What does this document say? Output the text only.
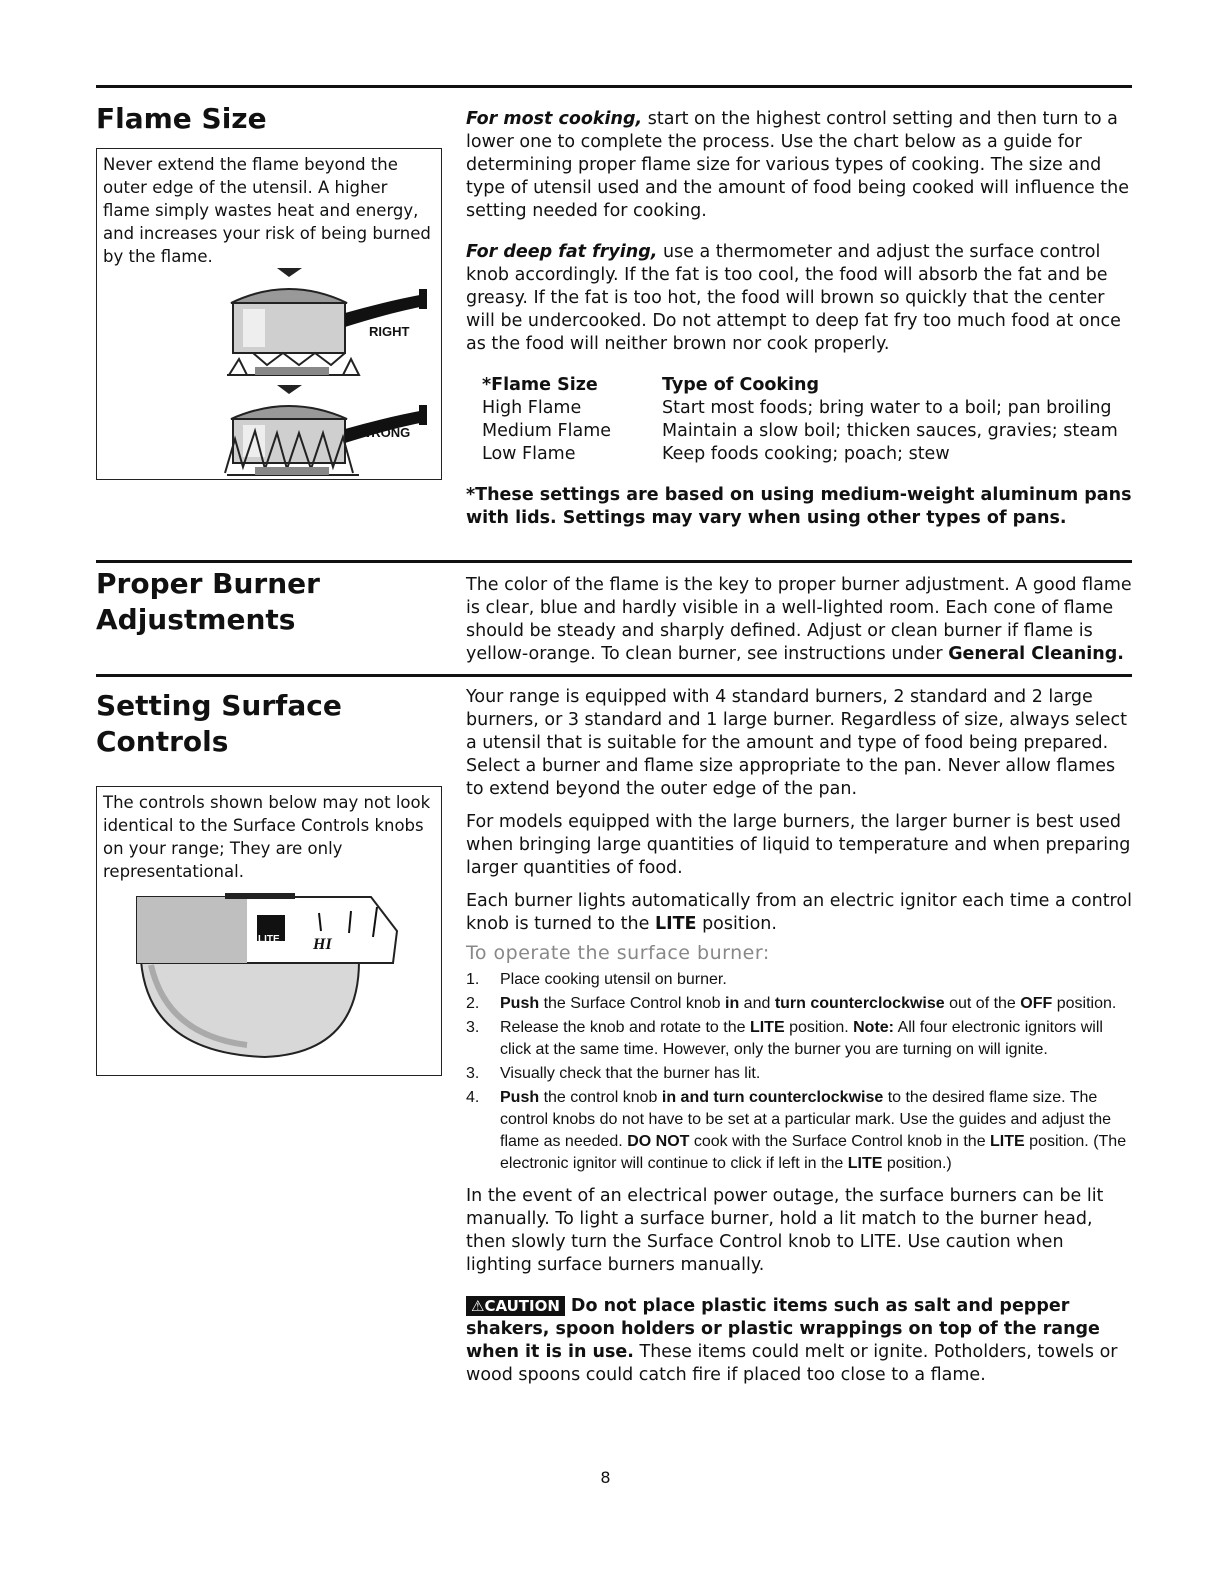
Flame Size

Never extend the flame beyond the outer edge of the utensil. A higher flame simply wastes heat and energy, and increases your risk of being burned by the flame.

RIGHT
WRONG

For most cooking, start on the highest control setting and then turn to a lower one to complete the process. Use the chart below as a guide for determining proper flame size for various types of cooking. The size and type of utensil used and the amount of food being cooked will influence the setting needed for cooking.

For deep fat frying, use a thermometer and adjust the surface control knob accordingly. If the fat is too cool, the food will absorb the fat and be greasy. If the fat is too hot, the food will brown so quickly that the center will be undercooked. Do not attempt to deep fat fry too much food at once as the food will neither brown nor cook properly.

*Flame Size	Type of Cooking
High Flame	Start most foods; bring water to a boil; pan broiling
Medium Flame	Maintain a slow boil; thicken sauces, gravies; steam
Low Flame	Keep foods cooking; poach; stew

*These settings are based on using medium-weight aluminum pans with lids. Settings may vary when using other types of pans.

Proper Burner
Adjustments

The color of the flame is the key to proper burner adjustment. A good flame is clear, blue and hardly visible in a well-lighted room. Each cone of flame should be steady and sharply defined. Adjust or clean burner if flame is yellow-orange. To clean burner, see instructions under General Cleaning.

Setting Surface
Controls

The controls shown below may not look identical to the Surface Controls knobs on your range; They are only representational.

LITE HI

Your range is equipped with 4 standard burners, 2 standard and 2 large burners, or 3 standard and 1 large burner. Regardless of size, always select a utensil that is suitable for the amount and type of food being prepared. Select a burner and flame size appropriate to the pan. Never allow flames to extend beyond the outer edge of the pan.

For models equipped with the large burners, the larger burner is best used when bringing large quantities of liquid to temperature and when preparing larger quantities of food.

Each burner lights automatically from an electric ignitor each time a control knob is turned to the LITE position.

To operate the surface burner:

1. Place cooking utensil on burner.
2. Push the Surface Control knob in and turn counterclockwise out of the OFF position.
3. Release the knob and rotate to the LITE position. Note: All four electronic ignitors will click at the same time. However, only the burner you are turning on will ignite.
3. Visually check that the burner has lit.
4. Push the control knob in and turn counterclockwise to the desired flame size. The control knobs do not have to be set at a particular mark. Use the guides and adjust the flame as needed. DO NOT cook with the Surface Control knob in the LITE position. (The electronic ignitor will continue to click if left in the LITE position.)

In the event of an electrical power outage, the surface burners can be lit manually. To light a surface burner, hold a lit match to the burner head, then slowly turn the Surface Control knob to LITE. Use caution when lighting surface burners manually.

⚠CAUTION Do not place plastic items such as salt and pepper shakers, spoon holders or plastic wrappings on top of the range when it is in use. These items could melt or ignite. Potholders, towels or wood spoons could catch fire if placed too close to a flame.

8
